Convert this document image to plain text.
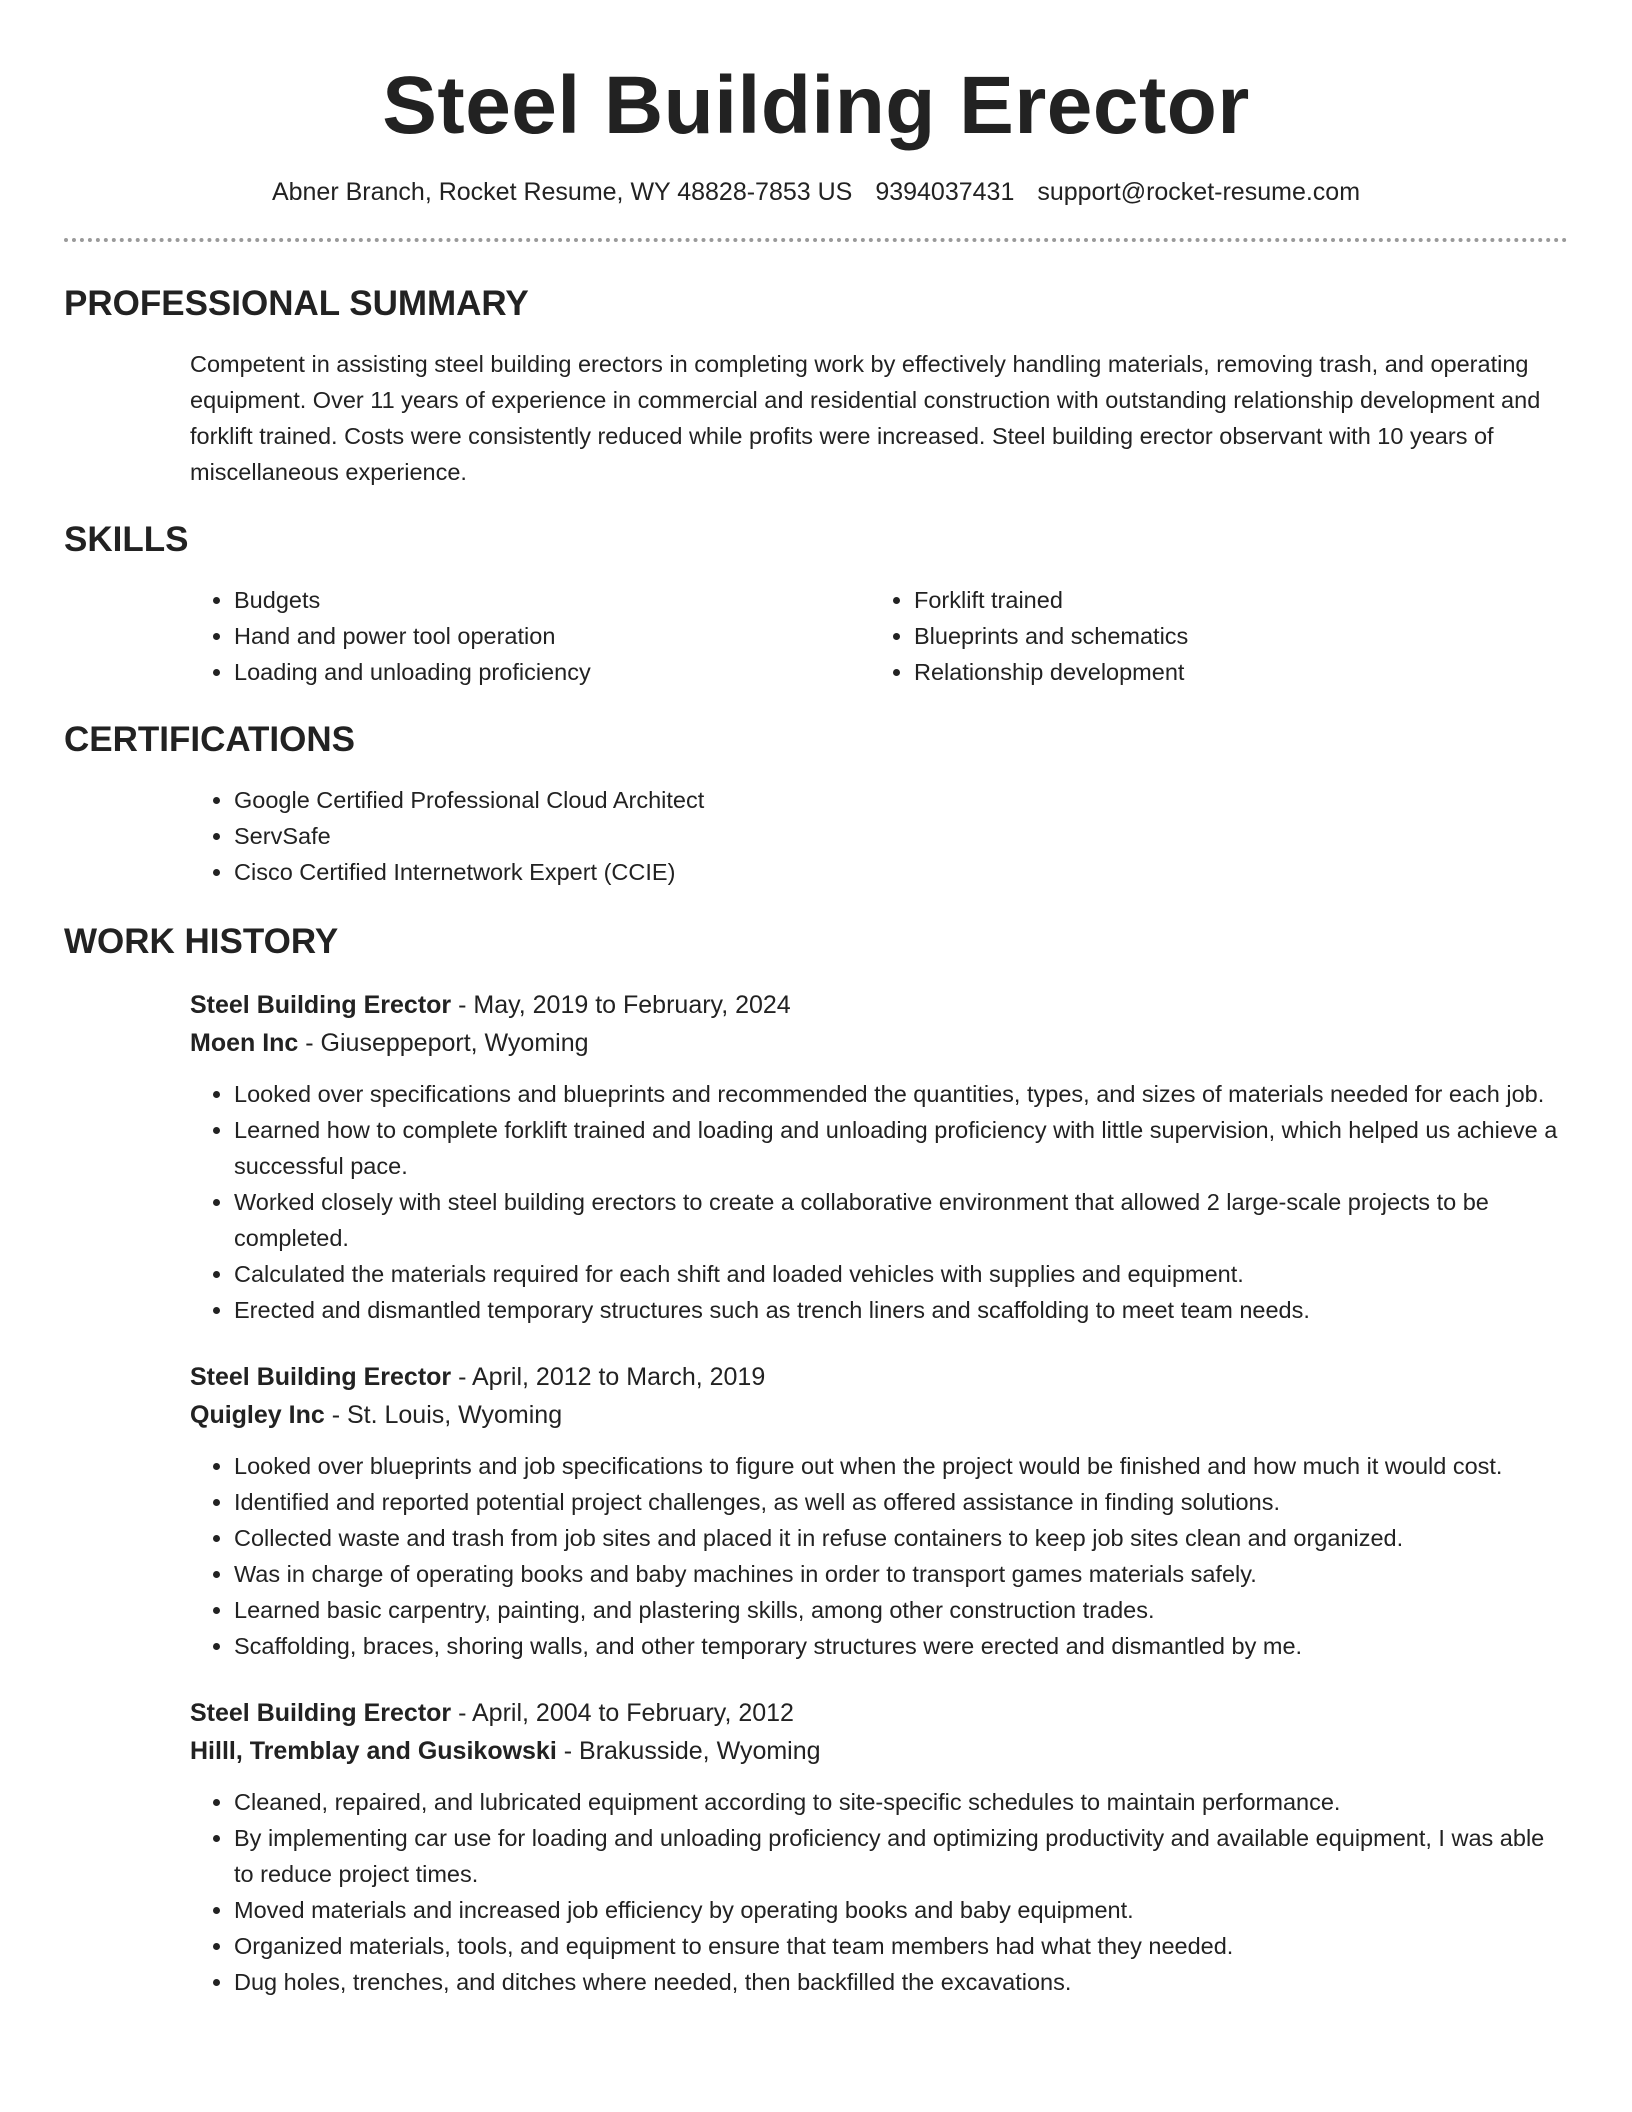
Steel Building Erector
Abner Branch, Rocket Resume, WY 48828-7853 US 9394037431 support@rocket-resume.com
PROFESSIONAL SUMMARY
Competent in assisting steel building erectors in completing work by effectively handling materials, removing trash, and operating equipment. Over 11 years of experience in commercial and residential construction with outstanding relationship development and forklift trained. Costs were consistently reduced while profits were increased. Steel building erector observant with 10 years of miscellaneous experience.
SKILLS
• Budgets
• Hand and power tool operation
• Loading and unloading proficiency
• Forklift trained
• Blueprints and schematics
• Relationship development
CERTIFICATIONS
• Google Certified Professional Cloud Architect
• ServSafe
• Cisco Certified Internetwork Expert (CCIE)
WORK HISTORY
Steel Building Erector - May, 2019 to February, 2024
Moen Inc - Giuseppeport, Wyoming
• Looked over specifications and blueprints and recommended the quantities, types, and sizes of materials needed for each job.
• Learned how to complete forklift trained and loading and unloading proficiency with little supervision, which helped us achieve a successful pace.
• Worked closely with steel building erectors to create a collaborative environment that allowed 2 large-scale projects to be completed.
• Calculated the materials required for each shift and loaded vehicles with supplies and equipment.
• Erected and dismantled temporary structures such as trench liners and scaffolding to meet team needs.
Steel Building Erector - April, 2012 to March, 2019
Quigley Inc - St. Louis, Wyoming
• Looked over blueprints and job specifications to figure out when the project would be finished and how much it would cost.
• Identified and reported potential project challenges, as well as offered assistance in finding solutions.
• Collected waste and trash from job sites and placed it in refuse containers to keep job sites clean and organized.
• Was in charge of operating books and baby machines in order to transport games materials safely.
• Learned basic carpentry, painting, and plastering skills, among other construction trades.
• Scaffolding, braces, shoring walls, and other temporary structures were erected and dismantled by me.
Steel Building Erector - April, 2004 to February, 2012
Hilll, Tremblay and Gusikowski - Brakusside, Wyoming
• Cleaned, repaired, and lubricated equipment according to site-specific schedules to maintain performance.
• By implementing car use for loading and unloading proficiency and optimizing productivity and available equipment, I was able to reduce project times.
• Moved materials and increased job efficiency by operating books and baby equipment.
• Organized materials, tools, and equipment to ensure that team members had what they needed.
• Dug holes, trenches, and ditches where needed, then backfilled the excavations.
